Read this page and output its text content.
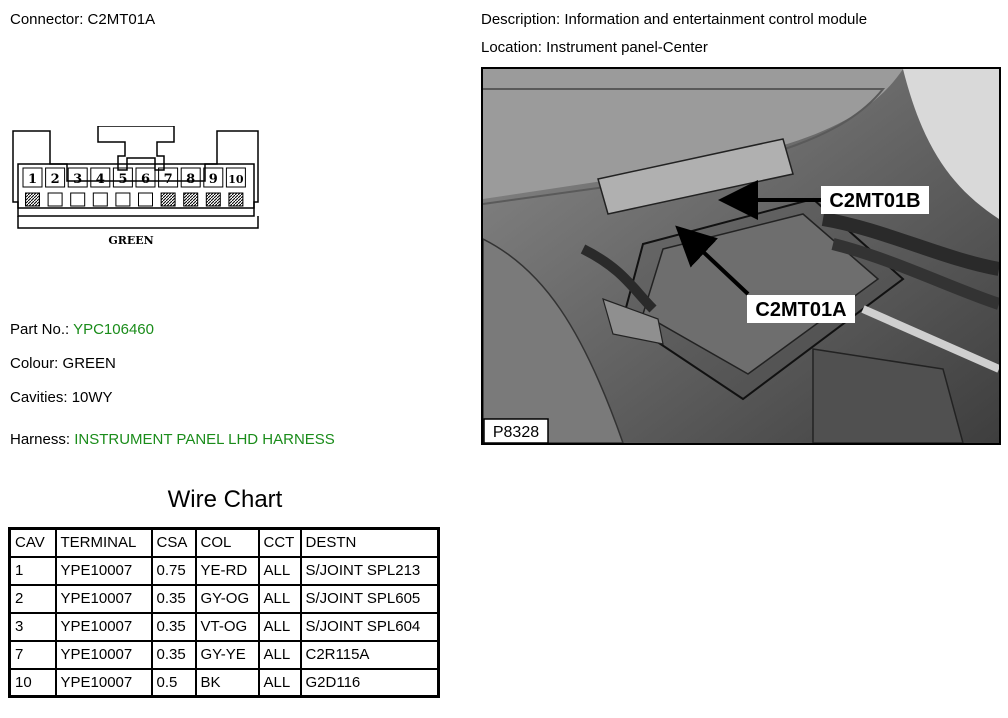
Connector: C2MT01A	Description: Information and entertainment control module
Location: Instrument panel-Center
1 2 3 4 5 6 7 8 9 10
GREEN
Part No.: YPC106460
Colour: GREEN
Cavities: 10WY
Harness: INSTRUMENT PANEL LHD HARNESS
C2MT01B
C2MT01A
P8328
Wire Chart
CAV	TERMINAL	CSA	COL	CCT	DESTN
1	YPE10007	0.75	YE-RD	ALL	S/JOINT SPL213
2	YPE10007	0.35	GY-OG	ALL	S/JOINT SPL605
3	YPE10007	0.35	VT-OG	ALL	S/JOINT SPL604
7	YPE10007	0.35	GY-YE	ALL	C2R115A
10	YPE10007	0.5	BK	ALL	G2D116
